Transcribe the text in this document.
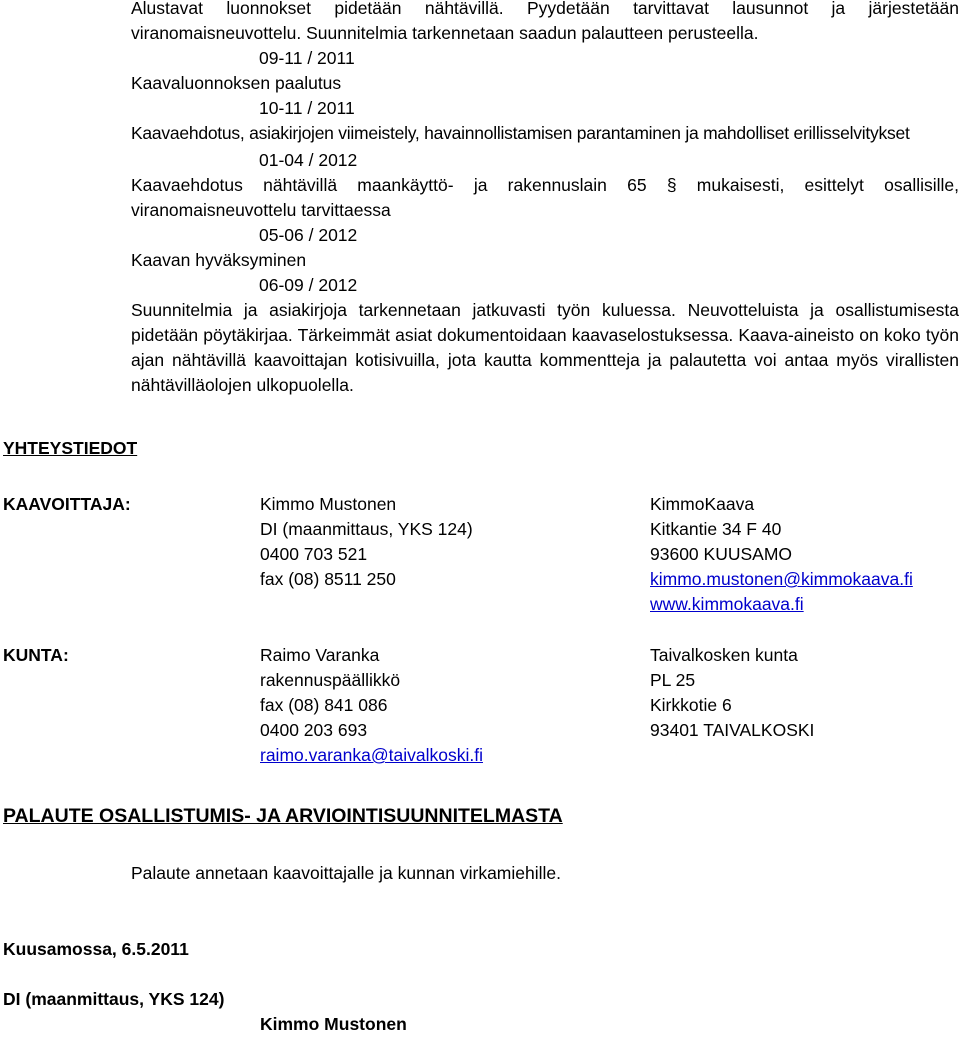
Alustavat luonnokset pidetään nähtävillä. Pyydetään tarvittavat lausunnot ja järjestetään viranomaisneuvottelu. Suunnitelmia tarkennetaan saadun palautteen perusteella.
09-11 / 2011
Kaavaluonnoksen paalutus
10-11 / 2011
Kaavaehdotus, asiakirjojen viimeistely, havainnollistamisen parantaminen ja mahdolliset erillisselvitykset
01-04 / 2012
Kaavaehdotus nähtävillä maankäyttö- ja rakennuslain 65 § mukaisesti, esittelyt osallisille, viranomaisneuvottelu tarvittaessa
05-06 / 2012
Kaavan hyväksyminen
06-09 / 2012
Suunnitelmia ja asiakirjoja tarkennetaan jatkuvasti työn kuluessa. Neuvotteluista ja osallistumisesta pidetään pöytäkirjaa. Tärkeimmät asiat dokumentoidaan kaavaselostuksessa. Kaava-aineisto on koko työn ajan nähtävillä kaavoittajan kotisivuilla, jota kautta kommentteja ja palautetta voi antaa myös virallisten nähtävilläolojen ulkopuolella.
YHTEYSTIEDOT
KAAVOITTAJA:	Kimmo Mustonen
DI (maanmittaus, YKS 124)
0400 703 521
fax (08) 8511 250
KimmoKaava
Kitkantie 34 F 40
93600 KUUSAMO
kimmo.mustonen@kimmokaava.fi
www.kimmokaava.fi
KUNTA:	Raimo Varanka
rakennuspäällikkö
fax (08) 841 086
0400 203 693
raimo.varanka@taivalkoski.fi
Taivalkosken kunta
PL 25
Kirkkotie 6
93401 TAIVALKOSKI
PALAUTE OSALLISTUMIS- JA ARVIOINTISUUNNITELMASTA
Palaute annetaan kaavoittajalle ja kunnan virkamiehille.
Kuusamossa, 6.5.2011
DI (maanmittaus, YKS 124)
Kimmo Mustonen
